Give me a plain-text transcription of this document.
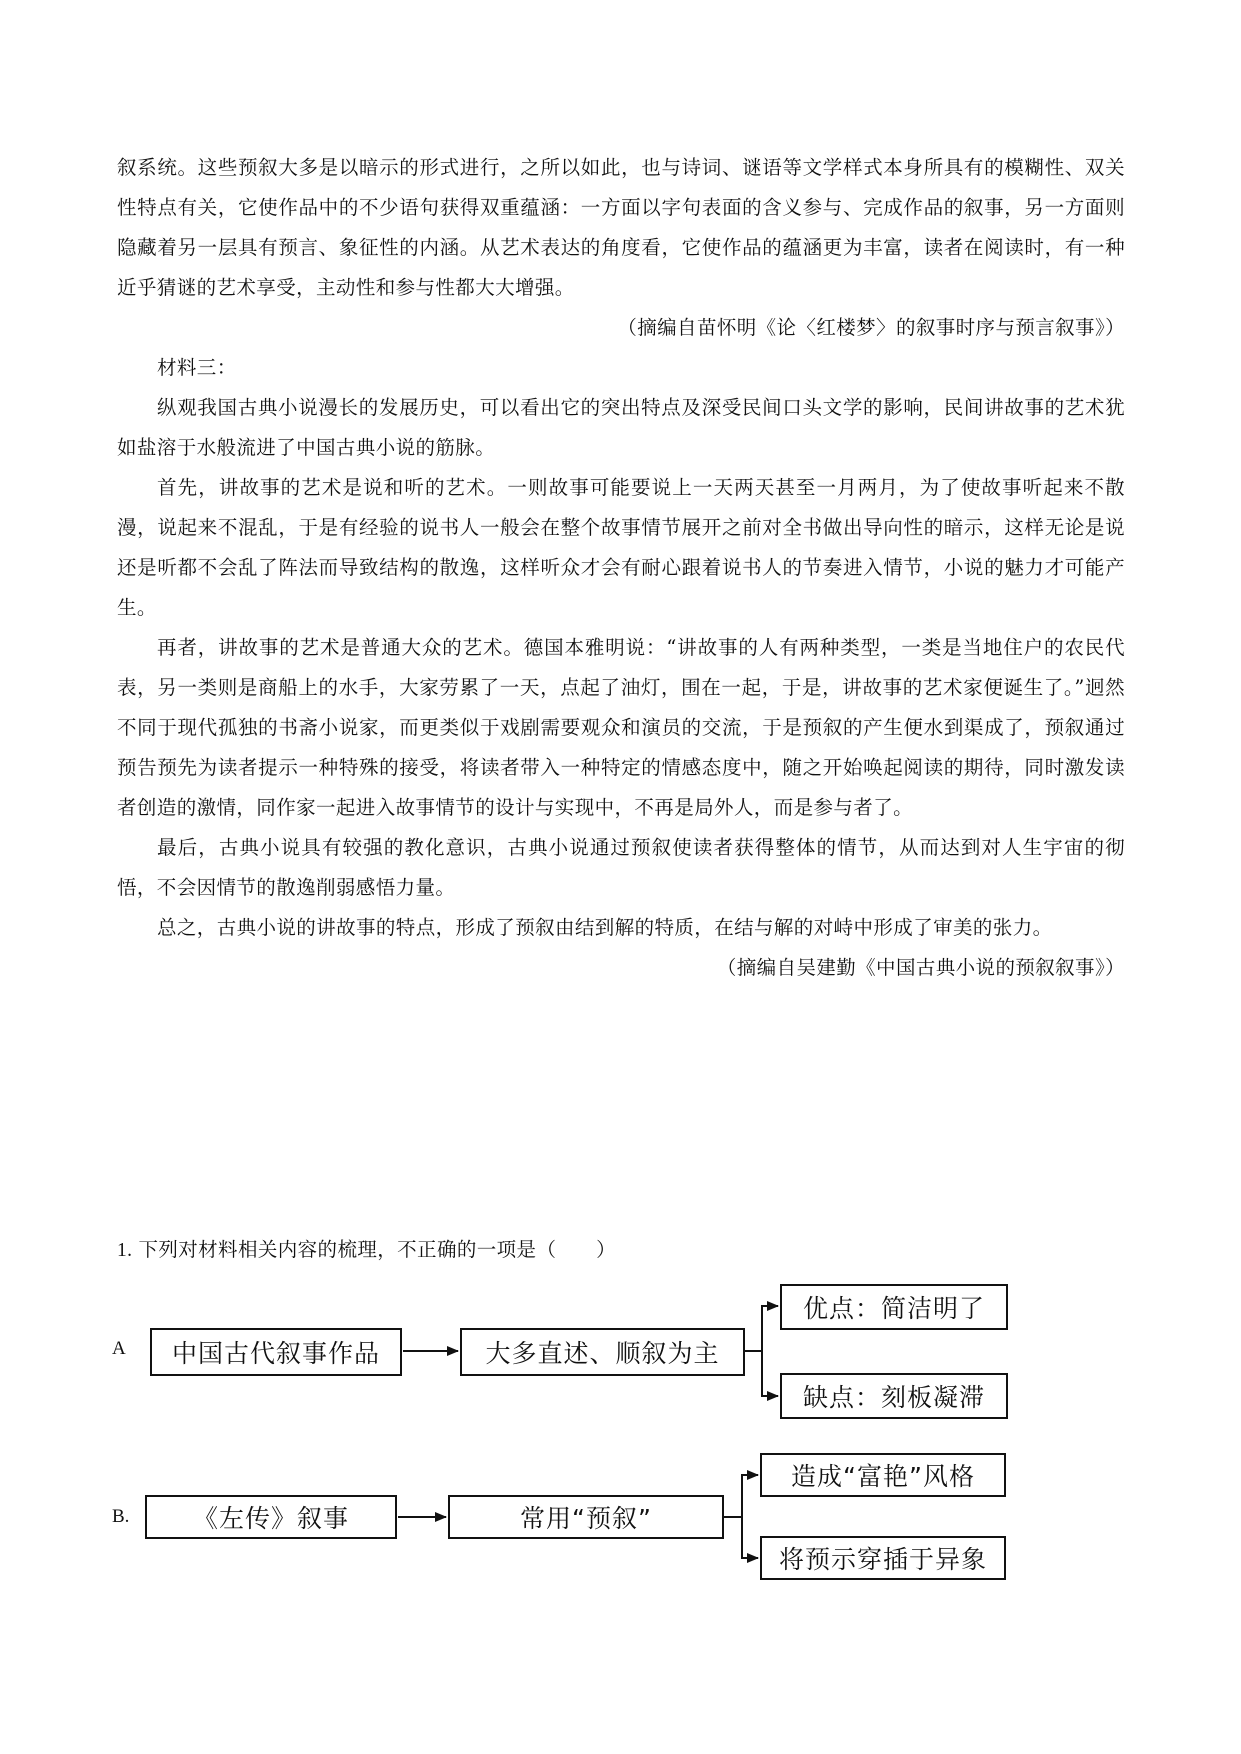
叙系统。这些预叙大多是以暗示的形式进行，之所以如此，也与诗词、谜语等文学样式本身所具有的模糊性、双关性特点有关，它使作品中的不少语句获得双重蕴涵：一方面以字句表面的含义参与、完成作品的叙事，另一方面则隐藏着另一层具有预言、象征性的内涵。从艺术表达的角度看，它使作品的蕴涵更为丰富，读者在阅读时，有一种近乎猜谜的艺术享受，主动性和参与性都大大增强。

（摘编自苗怀明《论〈红楼梦〉的叙事时序与预言叙事》）

材料三：

纵观我国古典小说漫长的发展历史，可以看出它的突出特点及深受民间口头文学的影响，民间讲故事的艺术犹如盐溶于水般流进了中国古典小说的筋脉。

首先，讲故事的艺术是说和听的艺术。一则故事可能要说上一天两天甚至一月两月，为了使故事听起来不散漫，说起来不混乱，于是有经验的说书人一般会在整个故事情节展开之前对全书做出导向性的暗示，这样无论是说还是听都不会乱了阵法而导致结构的散逸，这样听众才会有耐心跟着说书人的节奏进入情节，小说的魅力才可能产生。

再者，讲故事的艺术是普通大众的艺术。德国本雅明说：“讲故事的人有两种类型，一类是当地住户的农民代表，另一类则是商船上的水手，大家劳累了一天，点起了油灯，围在一起，于是，讲故事的艺术家便诞生了。”迥然不同于现代孤独的书斋小说家，而更类似于戏剧需要观众和演员的交流，于是预叙的产生便水到渠成了，预叙通过预告预先为读者提示一种特殊的接受，将读者带入一种特定的情感态度中，随之开始唤起阅读的期待，同时激发读者创造的激情，同作家一起进入故事情节的设计与实现中，不再是局外人，而是参与者了。

最后，古典小说具有较强的教化意识，古典小说通过预叙使读者获得整体的情节，从而达到对人生宇宙的彻悟，不会因情节的散逸削弱感悟力量。

总之，古典小说的讲故事的特点，形成了预叙由结到解的特质，在结与解的对峙中形成了审美的张力。

（摘编自吴建勤《中国古典小说的预叙叙事》）

1. 下列对材料相关内容的梳理，不正确的一项是（　　）
A	中国古代叙事作品	大多直述、顺叙为主
优点：简洁明了
缺点：刻板凝滞
B.	《左传》叙事	常用“预叙”
造成“富艳”风格
将预示穿插于异象
